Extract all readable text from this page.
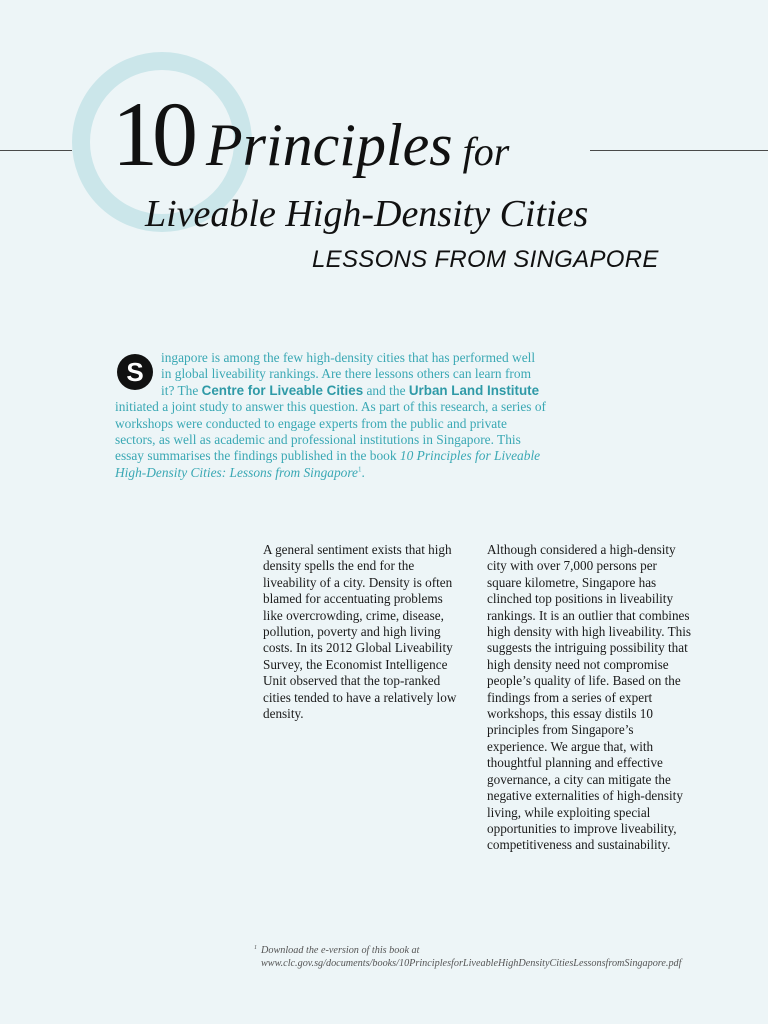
10 Principles for
Liveable High-Density Cities
LESSONS FROM SINGAPORE
S	ingapore is among the few high-density cities that has performed well in global liveability rankings. Are there lessons others can learn from it? The Centre for Liveable Cities and the Urban Land Institute initiated a joint study to answer this question. As part of this research, a series of workshops were conducted to engage experts from the public and private sectors, as well as academic and professional institutions in Singapore. This essay summarises the findings published in the book 10 Principles for Liveable High-Density Cities: Lessons from Singapore$^1$.
A general sentiment exists that high density spells the end for the liveability of a city. Density is often blamed for accentuating problems like overcrowding, crime, disease, pollution, poverty and high living costs. In its 2012 Global Liveability Survey, the Economist Intelligence Unit observed that the top-ranked cities tended to have a relatively low density.
Although considered a high-density city with over 7,000 persons per square kilometre, Singapore has clinched top positions in liveability rankings. It is an outlier that combines high density with high liveability. This suggests the intriguing possibility that high density need not compromise people’s quality of life. Based on the findings from a series of expert workshops, this essay distils 10 principles from Singapore’s experience. We argue that, with thoughtful planning and effective governance, a city can mitigate the negative externalities of high-density living, while exploiting special opportunities to improve liveability, competitiveness and sustainability.
$^1$ Download the e-version of this book at
www.clc.gov.sg/documents/books/10PrinciplesforLiveableHighDensityCitiesLessonsfromSingapore.pdf
